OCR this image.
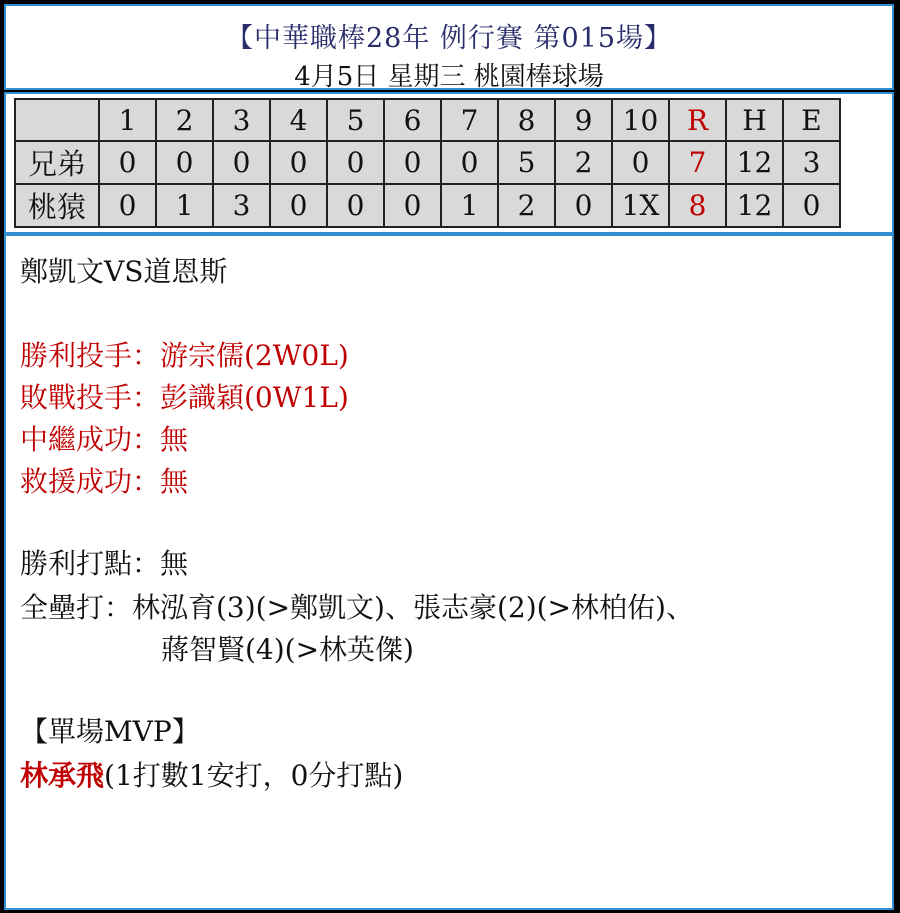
【中華職棒28年 例行賽 第015場】
4月5日 星期三 桃園棒球場
	1	2	3	4	5	6	7	8	9	10	R	H	E
兄弟	0	0	0	0	0	0	0	5	2	0	7	12	3
桃猿	0	1	3	0	0	0	1	2	0	1X	8	12	0
鄭凱文VS道恩斯
勝利投手：游宗儒(2W0L)
敗戰投手：彭識穎(0W1L)
中繼成功：無
救援成功：無
勝利打點：無
全壘打：林泓育(3)(>鄭凱文)、張志豪(2)(>林柏佑)、
蔣智賢(4)(>林英傑)
【單場MVP】
林承飛(1打數1安打，0分打點)
